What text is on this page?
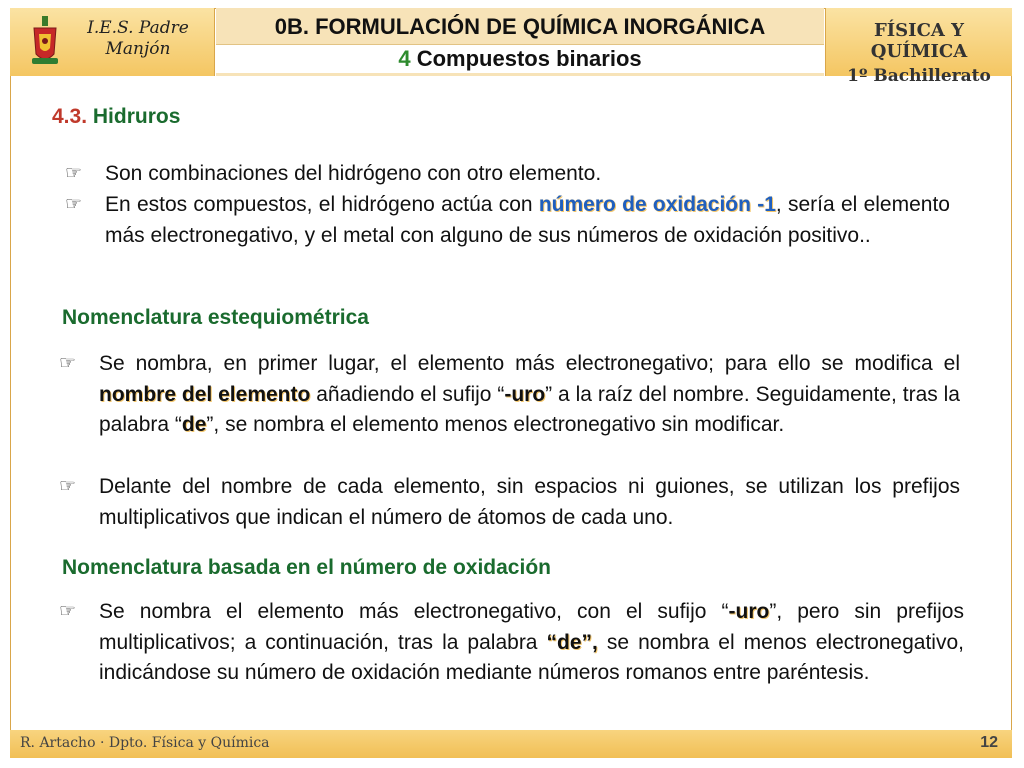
I.E.S. Padre Manjón
0B. FORMULACIÓN DE QUÍMICA INORGÁNICA
4 Compuestos binarios
FÍSICA Y QUÍMICA
1º Bachillerato
4.3. Hidruros
☞	Son combinaciones del hidrógeno con otro elemento.
☞	En estos compuestos, el hidrógeno actúa con número de oxidación -1, sería el elemento más electronegativo, y el metal con alguno de sus números de oxidación positivo..
Nomenclatura estequiométrica
☞	Se nombra, en primer lugar, el elemento más electronegativo; para ello se modifica el nombre del elemento añadiendo el sufijo “-uro” a la raíz del nombre. Seguidamente, tras la palabra “de”, se nombra el elemento menos electronegativo sin modificar.
☞	Delante del nombre de cada elemento, sin espacios ni guiones, se utilizan los prefijos multiplicativos que indican el número de átomos de cada uno.
Nomenclatura basada en el número de oxidación
☞	Se nombra el elemento más electronegativo, con el sufijo “-uro”, pero sin prefijos multiplicativos; a continuación, tras la palabra “de”, se nombra el menos electronegativo, indicándose su número de oxidación mediante números romanos entre paréntesis.
R. Artacho · Dpto. Física y Química	12
